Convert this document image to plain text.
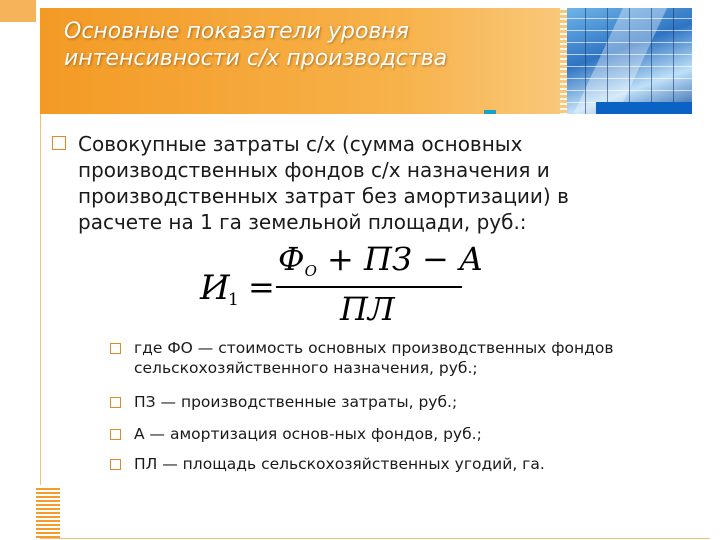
Основные показатели уровня интенсивности с/х производства
Совокупные затраты с/х (сумма основных производственных фондов с/х назначения и производственных затрат без амортизации) в расчете на 1 га земельной площади, руб.:
И
1 =
ФО + ПЗ − А
ПЛ
где ФО — стоимость основных производственных фондов сельскохозяйственного назначения, руб.;
ПЗ — производственные затраты, руб.;
А — амортизация основ-ных фондов, руб.;
ПЛ — площадь сельскохозяйственных угодий, га.
